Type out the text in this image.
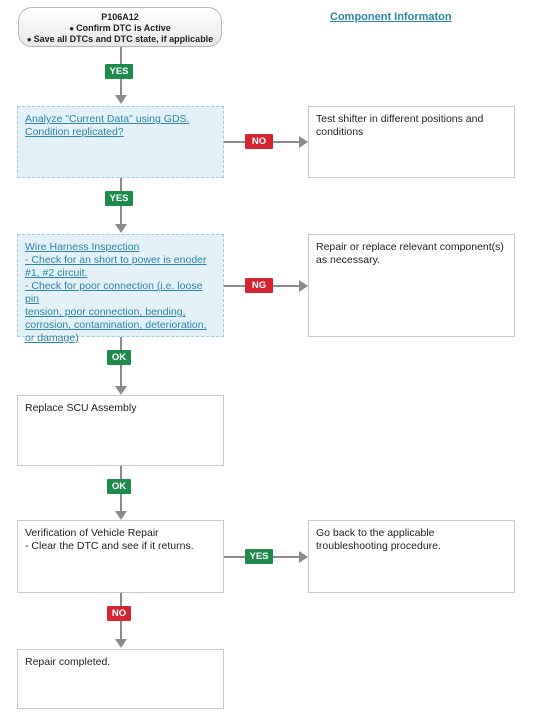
P106A12
● Confirm DTC is Active
● Save all DTCs and DTC state, if applicable
Component Informaton
YES
Analyze "Current Data" using GDS.
Condition replicated?
NO
Test shifter in different positions and conditions
YES
Wire Harness Inspection
- Check for an short to power is enoder
#1, #2 circuit.
- Check for poor connection (i.e. loose pin
tension, poor connection, bending,
corrosion, contamination, deterioration,
or damage)
NG
Repair or replace relevant component(s) as necessary.
OK
Replace SCU Assembly
OK
Verification of Vehicle Repair
- Clear the DTC and see if it returns.
YES
Go back to the applicable troubleshooting procedure.
NO
Repair completed.
